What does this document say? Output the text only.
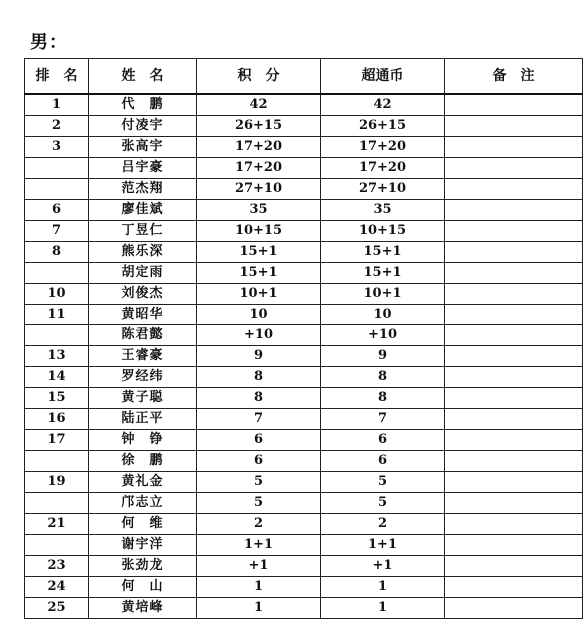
男：
排　名	姓　名	积　分	超通币	备　注
1	代　鹏	42	42	
2	付凌宇	26+15	26+15	
3	张高宇	17+20	17+20	
	吕宇豪	17+20	17+20	
	范杰翔	27+10	27+10	
6	廖佳斌	35	35	
7	丁昱仁	10+15	10+15	
8	熊乐深	15+1	15+1	
	胡定雨	15+1	15+1	
10	刘俊杰	10+1	10+1	
11	黄昭华	10	10	
	陈君懿	+10	+10	
13	王睿豪	9	9	
14	罗经纬	8	8	
15	黄子聪	8	8	
16	陆正平	7	7	
17	钟　铮	6	6	
	徐　鹏	6	6	
19	黄礼金	5	5	
	邝志立	5	5	
21	何　维	2	2	
	谢宇洋	1+1	1+1	
23	张劲龙	+1	+1	
24	何　山	1	1	
25	黄培峰	1	1	
